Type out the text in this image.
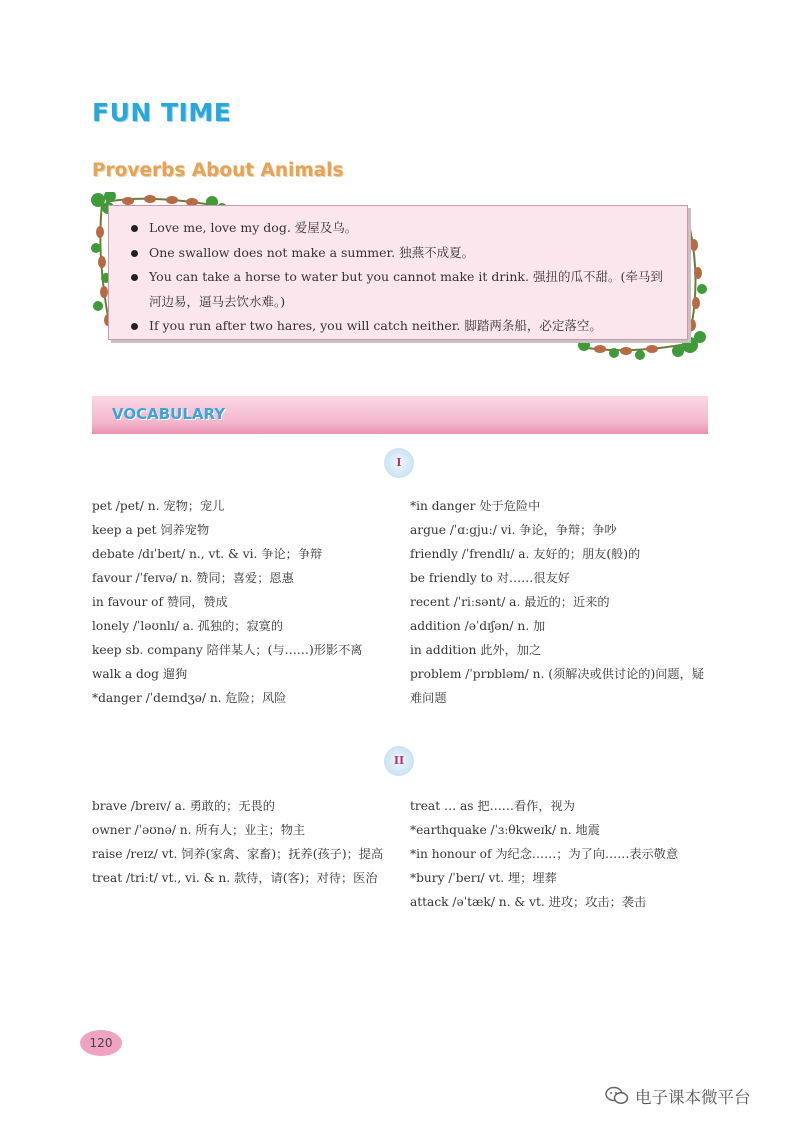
FUN TIME
Proverbs About Animals
Love me, love my dog. 爱屋及乌。
One swallow does not make a summer. 独燕不成夏。
You can take a horse to water but you cannot make it drink. 强扭的瓜不甜。(牵马到河边易，逼马去饮水难。)
If you run after two hares, you will catch neither. 脚踏两条船，必定落空。
VOCABULARY
I
pet /pet/ n. 宠物；宠儿
keep a pet 饲养宠物
debate /dɪˈbeɪt/ n., vt. & vi. 争论；争辩
favour /ˈfeɪvə/ n. 赞同；喜爱；恩惠
in favour of 赞同，赞成
lonely /ˈləʊnlɪ/ a. 孤独的；寂寞的
keep sb. company 陪伴某人；(与……)形影不离
walk a dog 遛狗
*danger /ˈdeɪndʒə/ n. 危险；风险
*in danger 处于危险中
argue /ˈɑːgjuː/ vi. 争论，争辩；争吵
friendly /ˈfrendlɪ/ a. 友好的；朋友(般)的
be friendly to 对……很友好
recent /ˈriːsənt/ a. 最近的；近来的
addition /əˈdɪʃən/ n. 加
in addition 此外，加之
problem /ˈprɒbləm/ n. (须解决或供讨论的)问题，疑难问题
II
brave /breɪv/ a. 勇敢的；无畏的
owner /ˈəʊnə/ n. 所有人；业主；物主
raise /reɪz/ vt. 饲养(家禽、家畜)；抚养(孩子)；提高
treat /triːt/ vt., vi. & n. 款待，请(客)；对待；医治
treat … as 把……看作，视为
*earthquake /ˈɜːθkweɪk/ n. 地震
*in honour of 为纪念……；为了向……表示敬意
*bury /ˈberɪ/ vt. 埋；埋葬
attack /əˈtæk/ n. & vt. 进攻；攻击；袭击
120
电子课本微平台
